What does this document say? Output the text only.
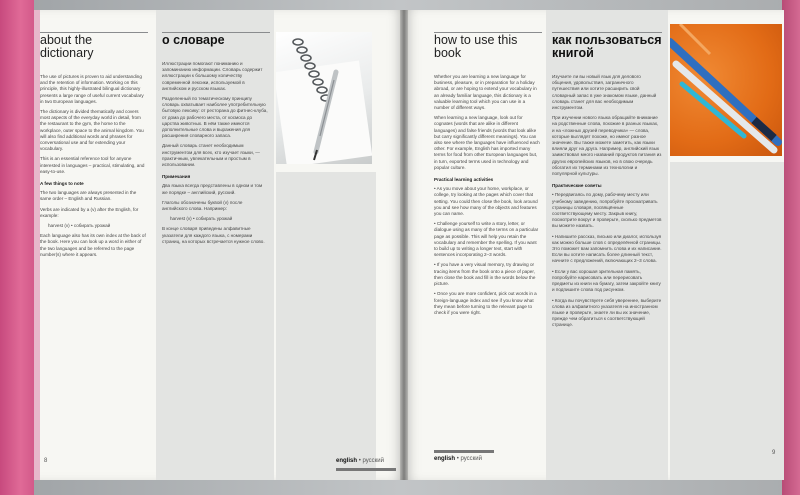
about the dictionary

The use of pictures is proven to aid understanding and the retention of information. Working on this principle, this highly-illustrated bilingual dictionary presents a large range of useful current vocabulary in two European languages.

The dictionary is divided thematically and covers most aspects of the everyday world in detail, from the restaurant to the gym, the home to the workplace, outer space to the animal kingdom. You will also find additional words and phrases for conversational use and for extending your vocabulary.

This is an essential reference tool for anyone interested in languages – practical, stimulating, and easy-to-use.

A few things to note

The two languages are always presented in the same order – English and Russian.

Verbs are indicated by a (v) after the English, for example:

harvest (v) • собирать урожай

Each language also has its own index at the back of the book. Here you can look up a word in either of the two languages and be referred to the page number(s) where it appears.

о словаре

Иллюстрации помогают пониманию и запоминанию информации. Словарь содержит иллюстрации к большому количеству современной лексики, используемой в английском и русском языках.

Разделенный по тематическому принципу словарь охватывает наиболее употребительную бытовую лексику: от ресторана до фитнес-клуба, от дома до рабочего места, от космоса до царства животных. В нём также имеются дополнительные слова и выражения для расширения словарного запаса.

Данный словарь станет необходимым инструментом для всех, кто изучает языки, — практичным, увлекательным и простым в использовании.

Примечания

Два языка всегда представлены в одном и том же порядке – английский, русский.

Глаголы обозначены буквой (v) после английского слова. Например:

harvest (v) • собирать урожай

В конце словаря приведены алфавитные указатели для каждого языка, с номерами страниц, на которых встречается нужное слово.

8	english • русский
how to use this book

Whether you are learning a new language for business, pleasure, or in preparation for a holiday abroad, or are hoping to extend your vocabulary in an already familiar language, this dictionary is a valuable learning tool which you can use in a number of different ways.

When learning a new language, look out for cognates (words that are alike in different languages) and false friends (words that look alike but carry significantly different meanings). You can also see where the languages have influenced each other. For example, English has imported many terms for food from other European languages but, in turn, exported terms used in technology and popular culture.

Practical learning activities

• As you move about your home, workplace, or college, try looking at the pages which cover that setting. You could then close the book, look around you and see how many of the objects and features you can name.

• Challenge yourself to write a story, letter, or dialogue using as many of the terms on a particular page as possible. This will help you retain the vocabulary and remember the spelling. If you want to build up to writing a longer text, start with sentences incorporating 2–3 words.

• If you have a very visual memory, try drawing or tracing items from the book onto a piece of paper, then close the book and fill in the words below the picture.

• Once you are more confident, pick out words in a foreign-language index and see if you know what they mean before turning to the relevant page to check if you were right.

как пользоваться книгой

Изучаете ли вы новый язык для делового общения, удовольствия, заграничного путешествия или хотите расширить свой словарный запас в уже знакомом языке, данный словарь станет для вас необходимым инструментом.

При изучении нового языка обращайте внимание на родственные слова, похожие в разных языках, и на «ложных друзей переводчика» — слова, которые выглядят похоже, но имеют разное значение. Вы также можете заметить, как языки влияли друг на друга. Например, английский язык заимствовал много названий продуктов питания из других европейских языков, но в свою очередь обогатил их терминами из технологии и популярной культуры.

Практические советы

• Передвигаясь по дому, рабочему месту или учебному заведению, попробуйте просматривать страницы словаря, посвящённые соответствующему месту. Закрыв книгу, посмотрите вокруг и проверьте, сколько предметов вы можете назвать.

• Напишите рассказ, письмо или диалог, используя как можно больше слов с определённой страницы. Это поможет вам запомнить слова и их написание. Если вы хотите написать более длинный текст, начните с предложений, включающих 2–3 слова.

• Если у вас хорошая зрительная память, попробуйте нарисовать или перерисовать предметы из книги на бумагу, затем закройте книгу и подпишите слова под рисунком.

• Когда вы почувствуете себя увереннее, выберите слова из алфавитного указателя на иностранном языке и проверьте, знаете ли вы их значение, прежде чем обратиться к соответствующей странице.

english • русский
9
